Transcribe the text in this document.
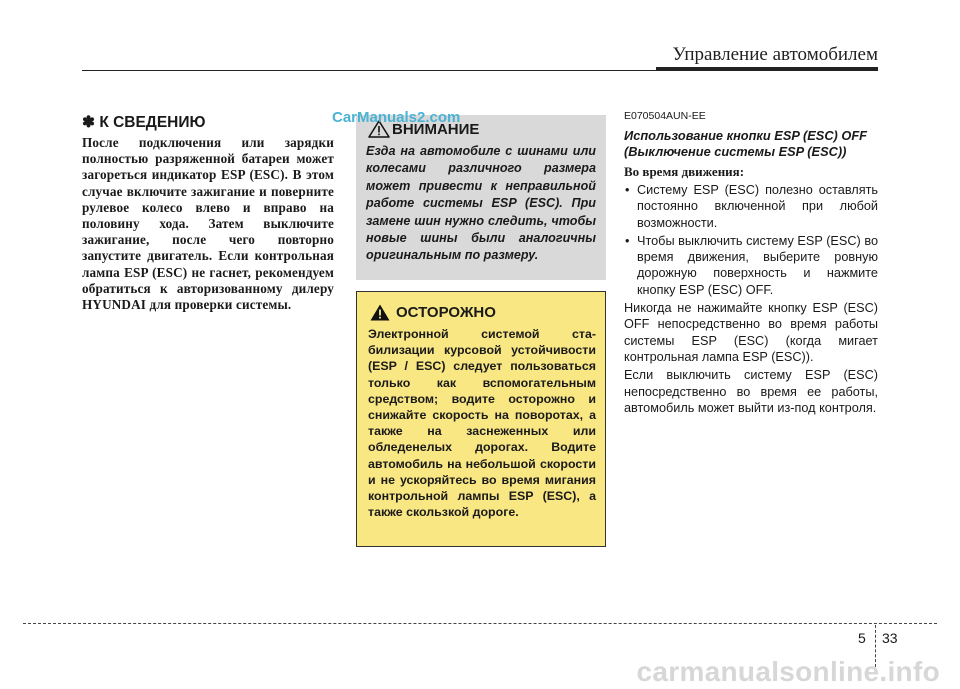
Управление автомобилем
✽ К СВЕДЕНИЮ

После подключения или зарядки полностью разряженной батареи может загореться индикатор ESP (ESC). В этом случае включите зажигание и поверните рулевое колесо влево и вправо на половину хода. Затем выключите зажигание, после чего повторно запустите двигатель. Если контрольная лампа ESP (ESC) не гаснет, рекомендуем обратиться к авторизованному дилеру HYUNDAI для проверки системы.

ВНИМАНИЕ

Езда на автомобиле с шинами или колесами различного размера может привести к неправильной работе системы ESP (ESC). При замене шин нужно следить, чтобы новые шины были аналогичны оригинальным по размеру.

CarManuals2.com
ОСТОРОЖНО

Электронной системой ста-билизации курсовой устойчивости (ESP / ESC) следует пользоваться только как вспомогательным средством; водите осторожно и снижайте скорость на поворотах, а также на заснеженных или обледенелых дорогах. Водите автомобиль на небольшой скорости и не ускоряйтесь во время мигания контрольной лампы ESP (ESC), а также скользкой дороге.

E070504AUN-EE

Использование кнопки ESP (ESC) OFF (Выключение системы ESP (ESC))

Во время движения:

• Систему ESP (ESC) полезно оставлять постоянно включенной при любой возможности.
• Чтобы выключить систему ESP (ESC) во время движения, выберите ровную дорожную поверхность и нажмите кнопку ESP (ESC) OFF.

Никогда не нажимайте кнопку ESP (ESC) OFF непосредственно во время работы системы ESP (ESC) (когда мигает контрольная лампа ESP (ESC)).

Если выключить систему ESP (ESC) непосредственно во время ее работы, автомобиль может выйти из-под контроля.

5 33
carmanualsonline.info
